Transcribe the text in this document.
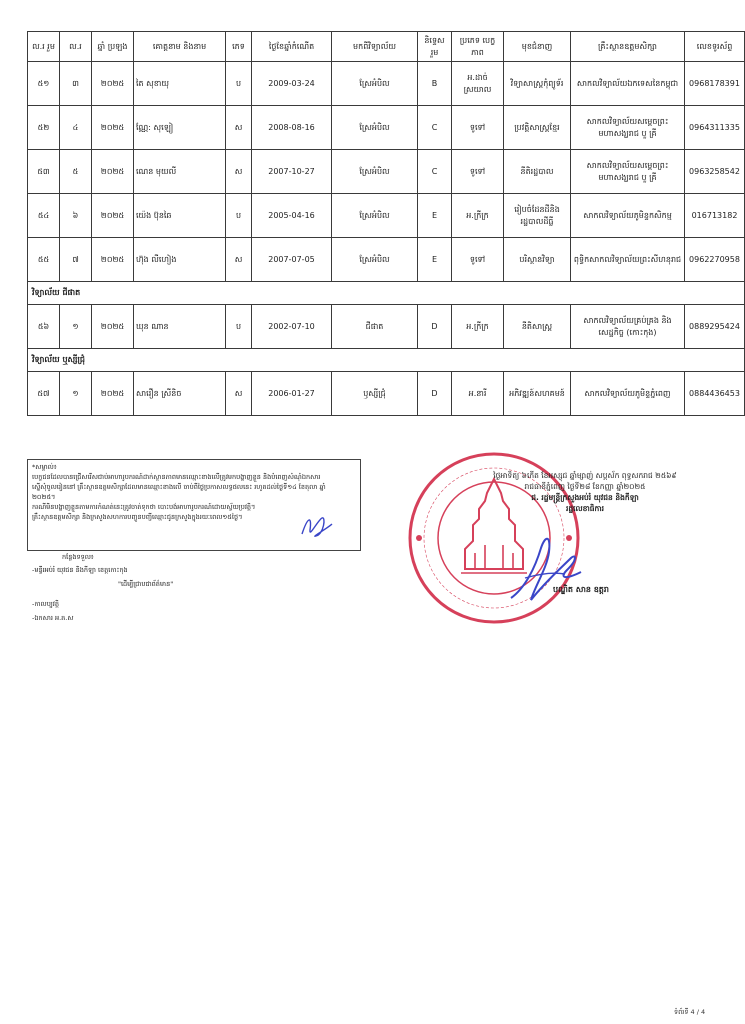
ល.រ ​រួម	ល.រ	ឆ្នាំ ប្រឡង	គោត្តនាម និងនាម	ភេទ	ថ្ងៃខែឆ្នាំកំណើត	មកពីវិទ្យាល័យ	និទ្ទេស រួម	ប្រភេទ បេក្ខភាព	មុខជំនាញ	គ្រឹះស្ថានឧត្តមសិក្សា	លេខទូរស័ព្ទ
៥១	៣	២០២៥	តៃ សុខាយុ	ប	2009-03-24	ស្រែអំបិល	B	អ.ដាច់ស្រយាល	វិទ្យាសាស្ត្រកុំព្យូទ័រ	សាកលវិទ្យាល័យឯកទេសនៃកម្ពុជា	0968178391
៥២	៤	២០២៥	ណ្ណែ: សុឡៀ	ស	2008-08-16	ស្រែអំបិល	C	ទូទៅ	ប្រវត្តិសាស្ត្រខ្មែរ	សាកលវិទ្យាល័យសម្តេចព្រះមហាសង្ឃរាជ បួ គ្រី	0964311335
៥៣	៥	២០២៥	ណេន មុយលី	ស	2007-10-27	ស្រែអំបិល	C	ទូទៅ	នីតិរដ្ឋបាល	សាកលវិទ្យាល័យសម្តេចព្រះមហាសង្ឃរាជ បួ គ្រី	0963258542
៥៤	៦	២០២៥	យ៉េង ប៊ុនឆៃ	ប	2005-04-16	ស្រែអំបិល	E	អ.ក្រីក្រ	រៀបចំដែនដីនិងរដ្ឋបាលដីធ្លី	សាកលវិទ្យាល័យភូមិន្ទកសិកម្ម	016713182
៥៥	៧	២០២៥	ហ៊ុង លីហៀង	ស	2007-07-05	ស្រែអំបិល	E	ទូទៅ	បរិស្ថានវិទ្យា	ពុទ្ធិកសាកលវិទ្យាល័យព្រះសីហនុរាជ	0962270958
វិទ្យាល័យ ជីផាត											
៥៦	១	២០២៥	ឃុន ណាន	ប	2002-07-10	ជីផាត	D	អ.ក្រីក្រ	នីតិសាស្ត្រ	សាកលវិទ្យាល័យគ្រប់គ្រង និងសេដ្ឋកិច្ច (កោះកុង)	0889295424
វិទ្យាល័យ ឬស្សីជ្រុំ											
៥៧	១	២០២៥	សារឿន ស្រីនិច	ស	2006-01-27	ឫស្សីជ្រុំ	D	អ.នារី	អភិវឌ្ឍន៍សហគមន៍	សាកលវិទ្យាល័យភូមិន្ទភ្នំពេញ	0884436453
*សម្គាល់៖
បេក្ខជនដែលបានជ្រើសរើសជាប់អាហារូបករណ៍ដាក់ស្ថានភាពមានឈ្មោះខាងលើត្រូវមកបង្ហាញខ្លួន និងបំពេញសំណុំឯកសារ
ស្នើសុំចូលរៀននៅ គ្រឹះស្ថានឧត្តមសិក្សាដែលមានឈ្មោះខាងលើ ចាប់ពីថ្ងៃប្រកាសលទ្ធផលនេះ រហូតដល់ថ្ងៃទី១៤ ខែតុលា ឆ្នាំ
២០២៥។
ករណីមិនបង្ហាញខ្លួនតាមការកំណត់នេះត្រូវចាត់ទុកថា បោះបង់អាហារូបករណ៍ដោយស្វ័យប្រវត្តិ។
គ្រឹះស្ថានឧត្តមសិក្សា និងក្រសួងសហការបញ្ជូនបញ្ជីឈ្មោះជូនក្រសួងក្នុងរយៈពេល១៥ថ្ងៃ។
កន្លែងទទួល៖
-មន្ទីរអប់រំ យុវជន និងកីឡា ខេត្តកោះកុង
"ដើម្បីជ្រាបជាព័ត៌មាន"
-កាលប្បវត្តិ
-ឯកសារ អ.គ.ស
ថ្ងៃអាទិត្យ ៦កើត ខែអស្សុជ ឆ្នាំម្សាញ់ សប្តស័ក ពុទ្ធសករាជ ២៥៦៩
រាជធានីភ្នំពេញ ថ្ងៃទី២៨ ខែកញ្ញា ឆ្នាំ២០២៥
ជ. រដ្ឋមន្ត្រីក្រសួងអប់រំ យុវជន និងកីឡា
រដ្ឋលេខាធិការ
បណ្ឌិត សាន ឧត្តរា
ទំព័រទី 4 / 4
